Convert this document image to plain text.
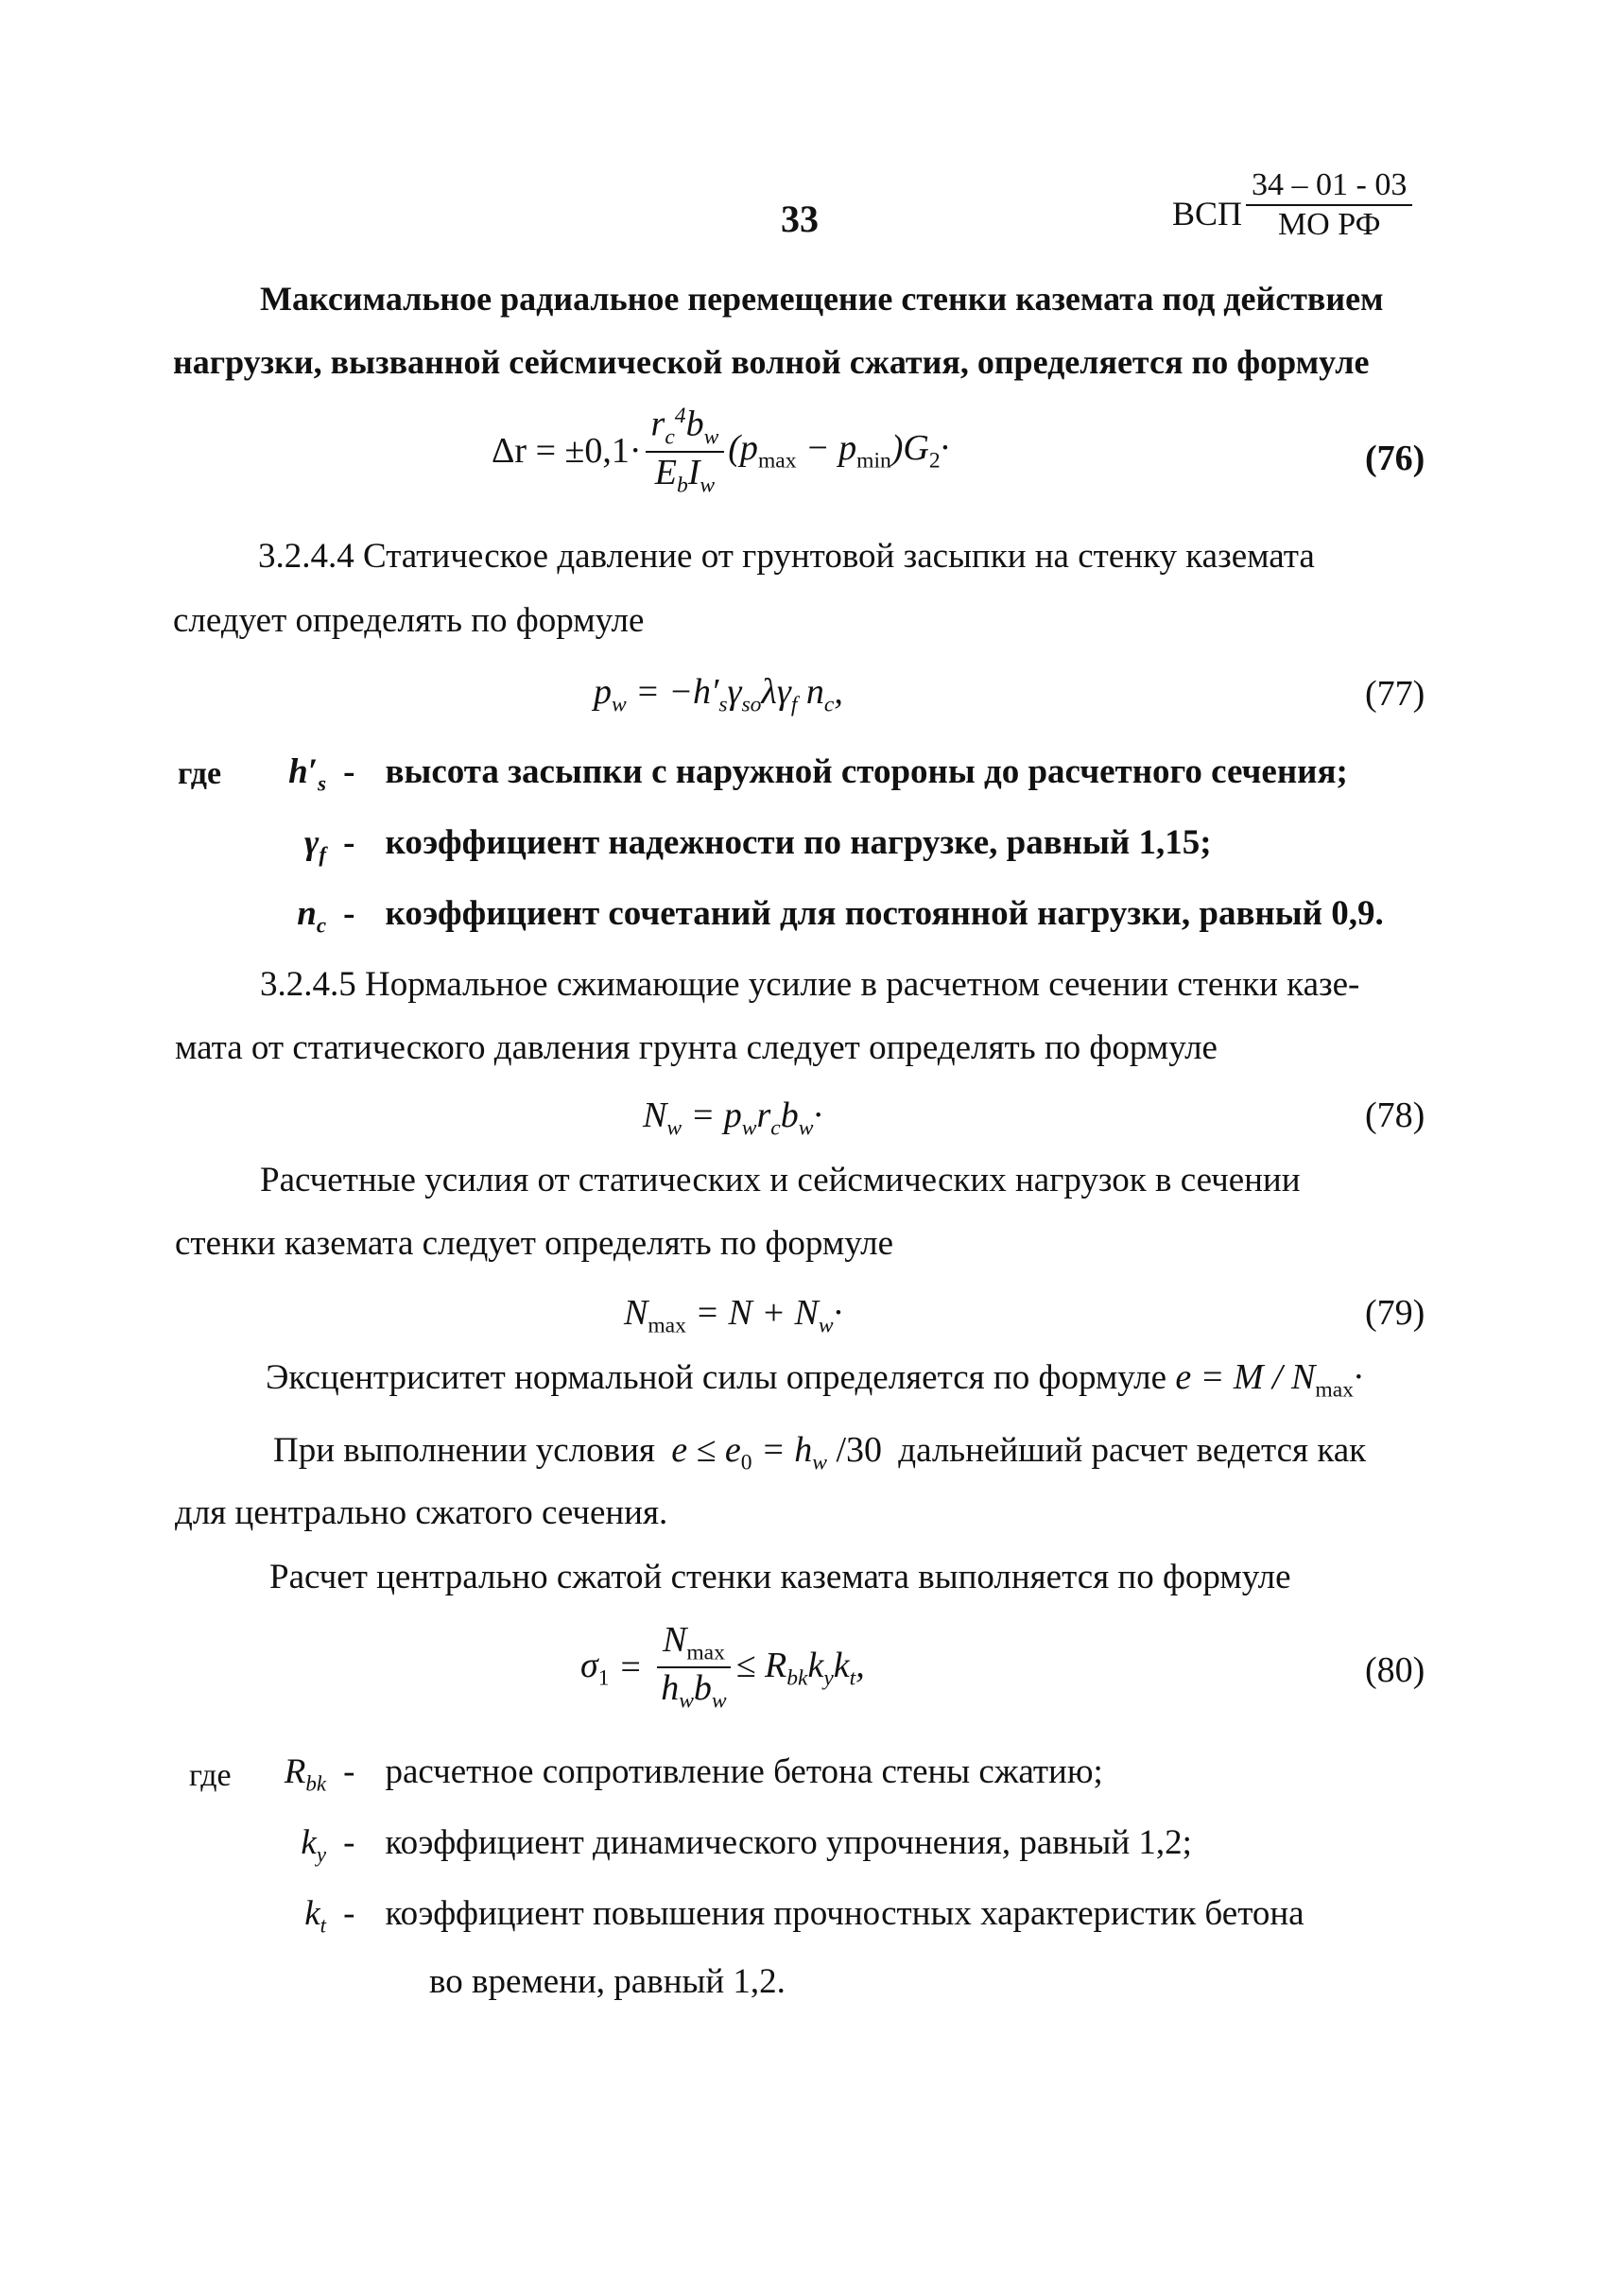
33	ВСП $\frac{34 - 01 - 03}{\text{МО РФ}}$
Максимальное радиальное перемещение стенки каземата под действием
нагрузки, вызванной сейсмической волной сжатия, определяется по формуле
$\Delta r = \pm 0,1\cdot \frac{r_c^4b_w}{E_bI_w} (p_{max} - p_{min})G_2\cdot$	(76)
3.2.4.4 Статическое давление от грунтовой засыпки на стенку каземата
следует определять по формуле
$p_w = -h'_s\gamma_{so}\lambda\gamma_f$ $n_c$,	(77)
где	$h'_s$ - высота засыпки с наружной стороны до расчетного сечения;
$\gamma_f$ - коэффициент надежности по нагрузке, равный 1,15;
$n_c$ - коэффициент сочетаний для постоянной нагрузки, равный 0,9.
3.2.4.5 Нормальное сжимающие усилие в расчетном сечении стенки казе-
мата от статического давления грунта следует определять по формуле
$N_w = p_wr_cb_w\cdot$	(78)
Расчетные усилия от статических и сейсмических нагрузок в сечении
стенки каземата следует определять по формуле
$N_{max} = N + N_w\cdot$	(79)
Эксцентриситет нормальной силы определяется по формуле $e = M / N_{max}\cdot$
При выполнении условия $e \le e_0 = h_w$ /30 дальнейший расчет ведется как
для центрально сжатого сечения.
Расчет центрально сжатой стенки каземата выполняется по формуле
$\sigma_1 = \frac{N_{max}}{h_wb_w} \le R_{bk}k_yk_t$,	(80)
где	$R_{bk}$ - расчетное сопротивление бетона стены сжатию;
$k_y$ - коэффициент динамического упрочнения, равный 1,2;
$k_t$ - коэффициент повышения прочностных характеристик бетона
во времени, равный 1,2.
